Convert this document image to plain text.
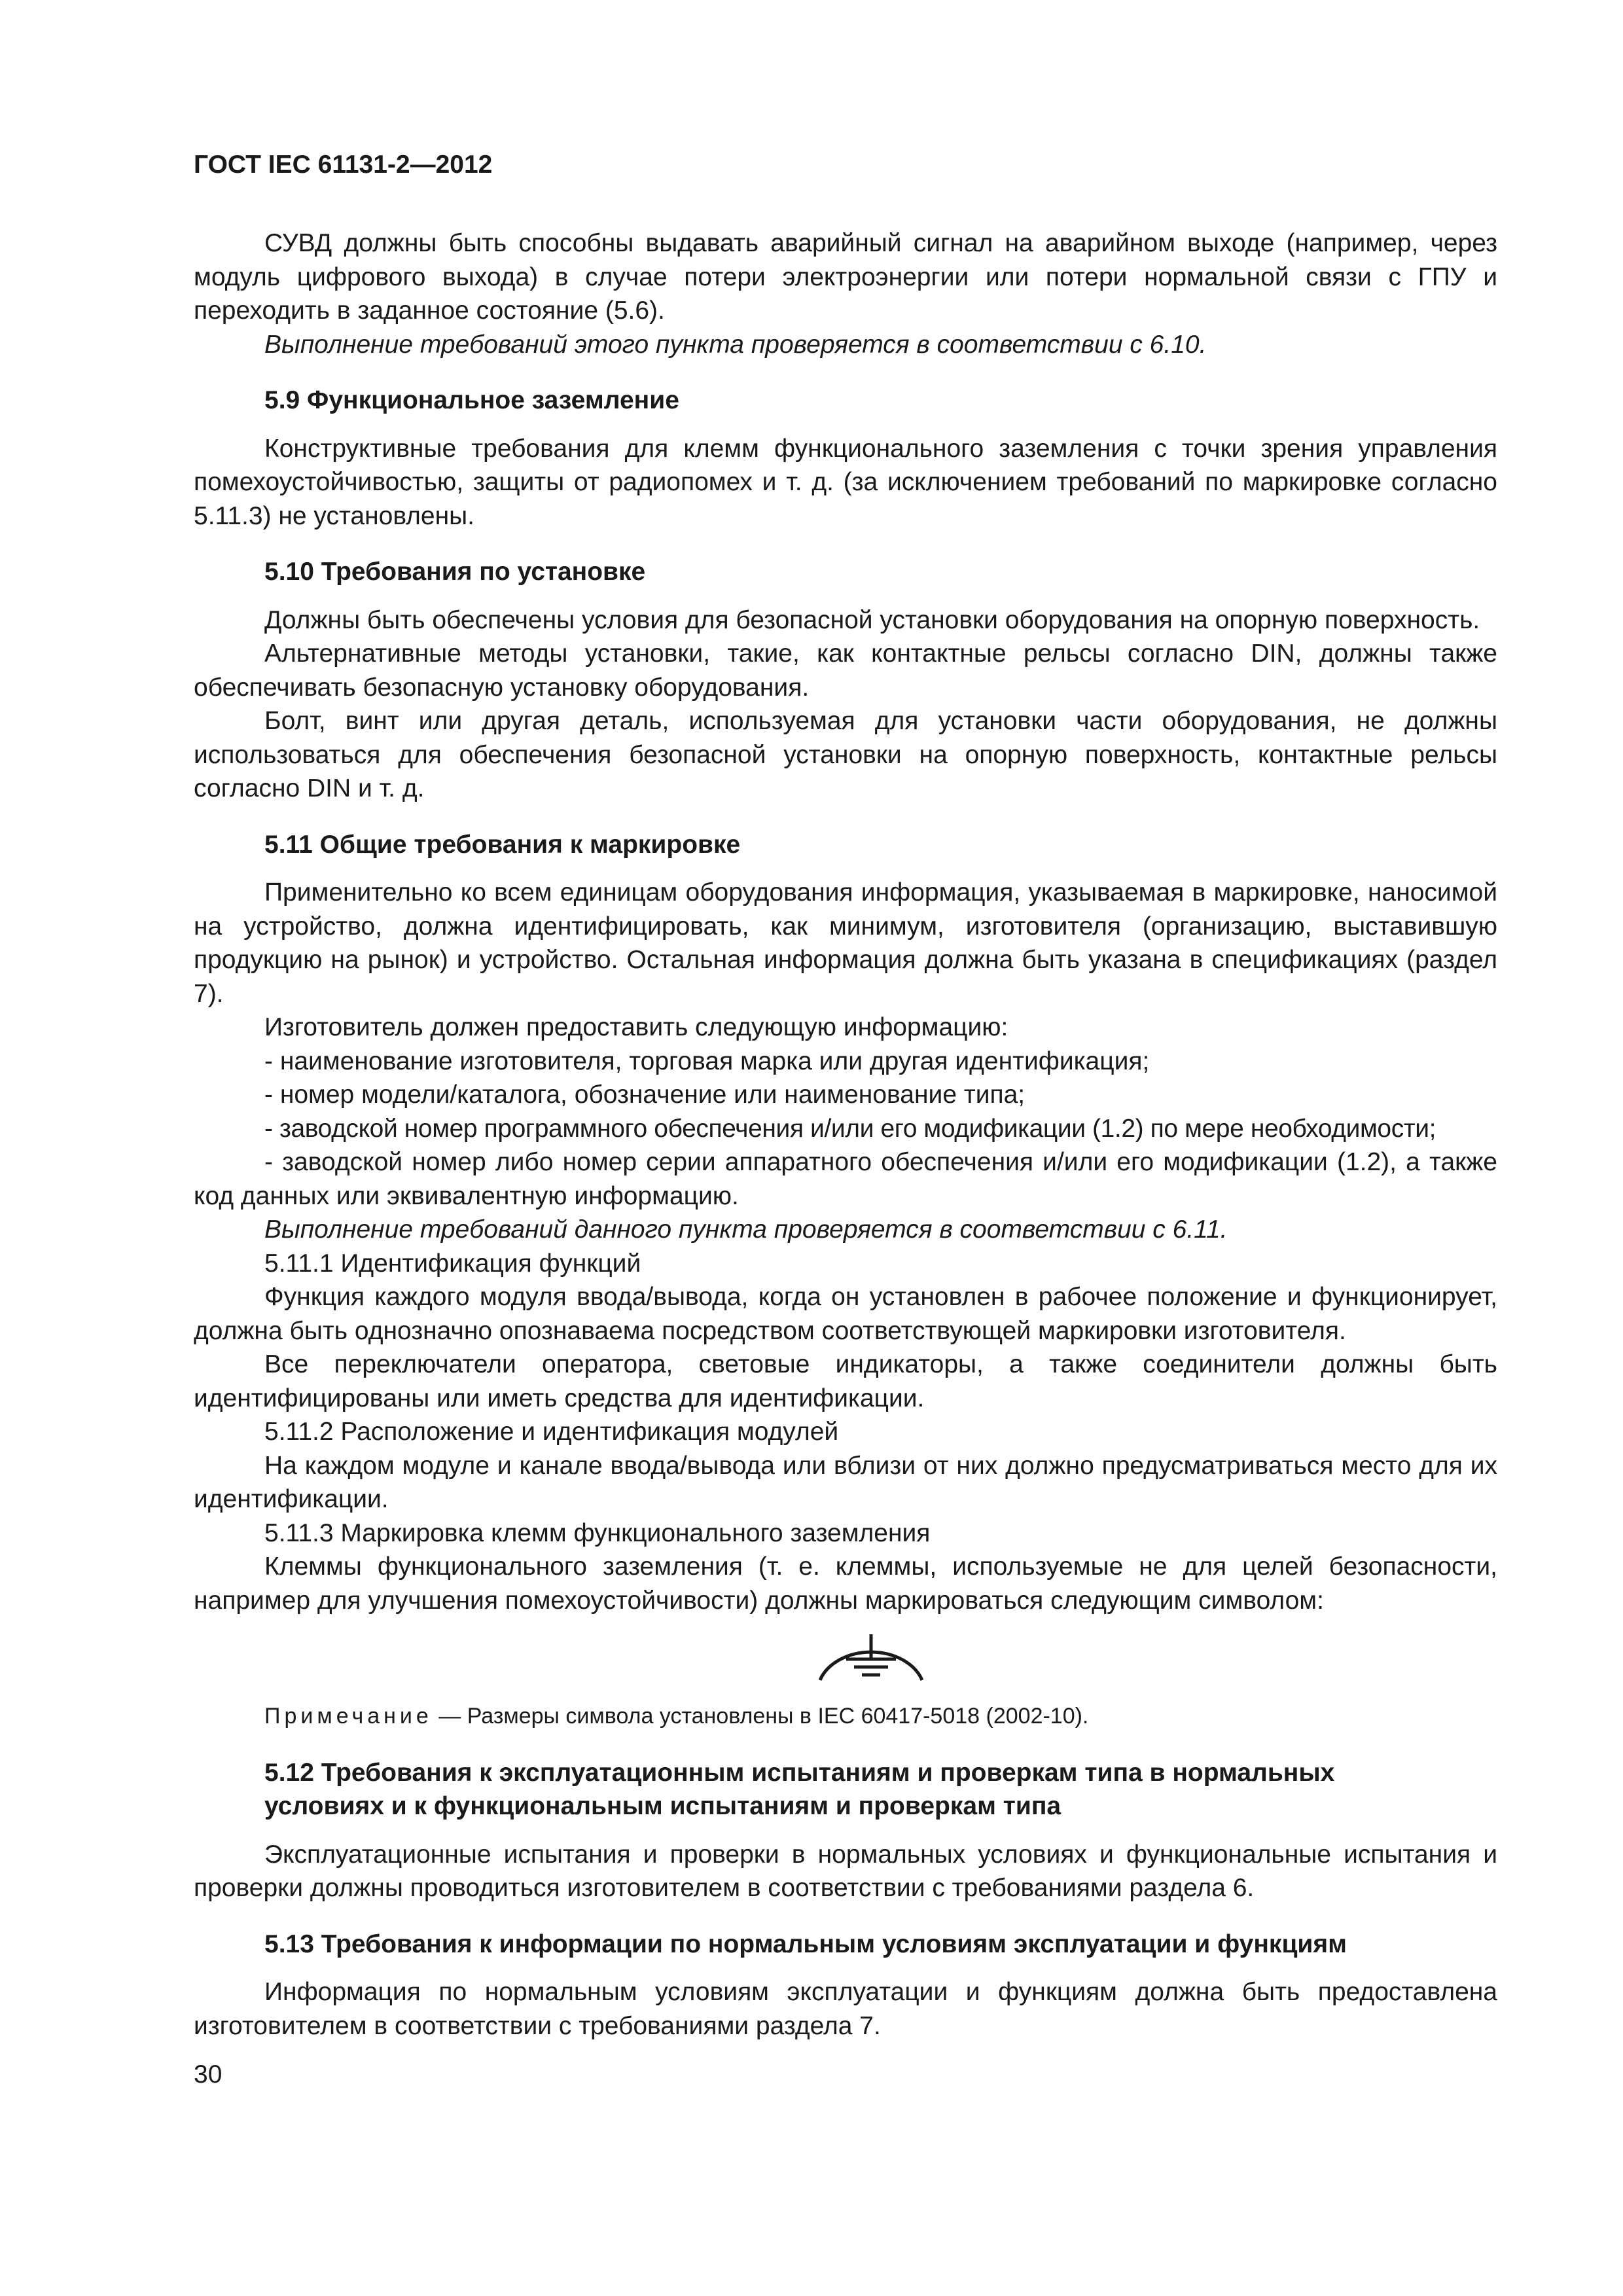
ГОСТ IEC 61131-2—2012

СУВД должны быть способны выдавать аварийный сигнал на аварийном выходе (например, через модуль цифрового выхода) в случае потери электроэнергии или потери нормальной связи с ГПУ и переходить в заданное состояние (5.6).

Выполнение требований этого пункта проверяется в соответствии с 6.10.

5.9 Функциональное заземление

Конструктивные требования для клемм функционального заземления с точки зрения управления помехоустойчивостью, защиты от радиопомех и т. д. (за исключением требований по маркировке согласно 5.11.3) не установлены.

5.10 Требования по установке

Должны быть обеспечены условия для безопасной установки оборудования на опорную поверхность.

Альтернативные методы установки, такие, как контактные рельсы согласно DIN, должны также обеспечивать безопасную установку оборудования.

Болт, винт или другая деталь, используемая для установки части оборудования, не должны использоваться для обеспечения безопасной установки на опорную поверхность, контактные рельсы согласно DIN и т. д.

5.11 Общие требования к маркировке

Применительно ко всем единицам оборудования информация, указываемая в маркировке, наносимой на устройство, должна идентифицировать, как минимум, изготовителя (организацию, выставившую продукцию на рынок) и устройство. Остальная информация должна быть указана в спецификациях (раздел 7).

Изготовитель должен предоставить следующую информацию:

- наименование изготовителя, торговая марка или другая идентификация;

- номер модели/каталога, обозначение или наименование типа;

- заводской номер программного обеспечения и/или его модификации (1.2) по мере необходимости;

- заводской номер либо номер серии аппаратного обеспечения и/или его модификации (1.2), а также код данных или эквивалентную информацию.

Выполнение требований данного пункта проверяется в соответствии с 6.11.

5.11.1 Идентификация функций

Функция каждого модуля ввода/вывода, когда он установлен в рабочее положение и функционирует, должна быть однозначно опознаваема посредством соответствующей маркировки изготовителя.

Все переключатели оператора, световые индикаторы, а также соединители должны быть идентифицированы или иметь средства для идентификации.

5.11.2 Расположение и идентификация модулей

На каждом модуле и канале ввода/вывода или вблизи от них должно предусматриваться место для их идентификации.

5.11.3 Маркировка клемм функционального заземления

Клеммы функционального заземления (т. е. клеммы, используемые не для целей безопасности, например для улучшения помехоустойчивости) должны маркироваться следующим символом:

Примечание — Размеры символа установлены в IEC 60417-5018 (2002-10).

5.12 Требования к эксплуатационным испытаниям и проверкам типа в нормальных

условиях и к функциональным испытаниям и проверкам типа

Эксплуатационные испытания и проверки в нормальных условиях и функциональные испытания и проверки должны проводиться изготовителем в соответствии с требованиями раздела 6.

5.13 Требования к информации по нормальным условиям эксплуатации и функциям

Информация по нормальным условиям эксплуатации и функциям должна быть предоставлена изготовителем в соответствии с требованиями раздела 7.

30
